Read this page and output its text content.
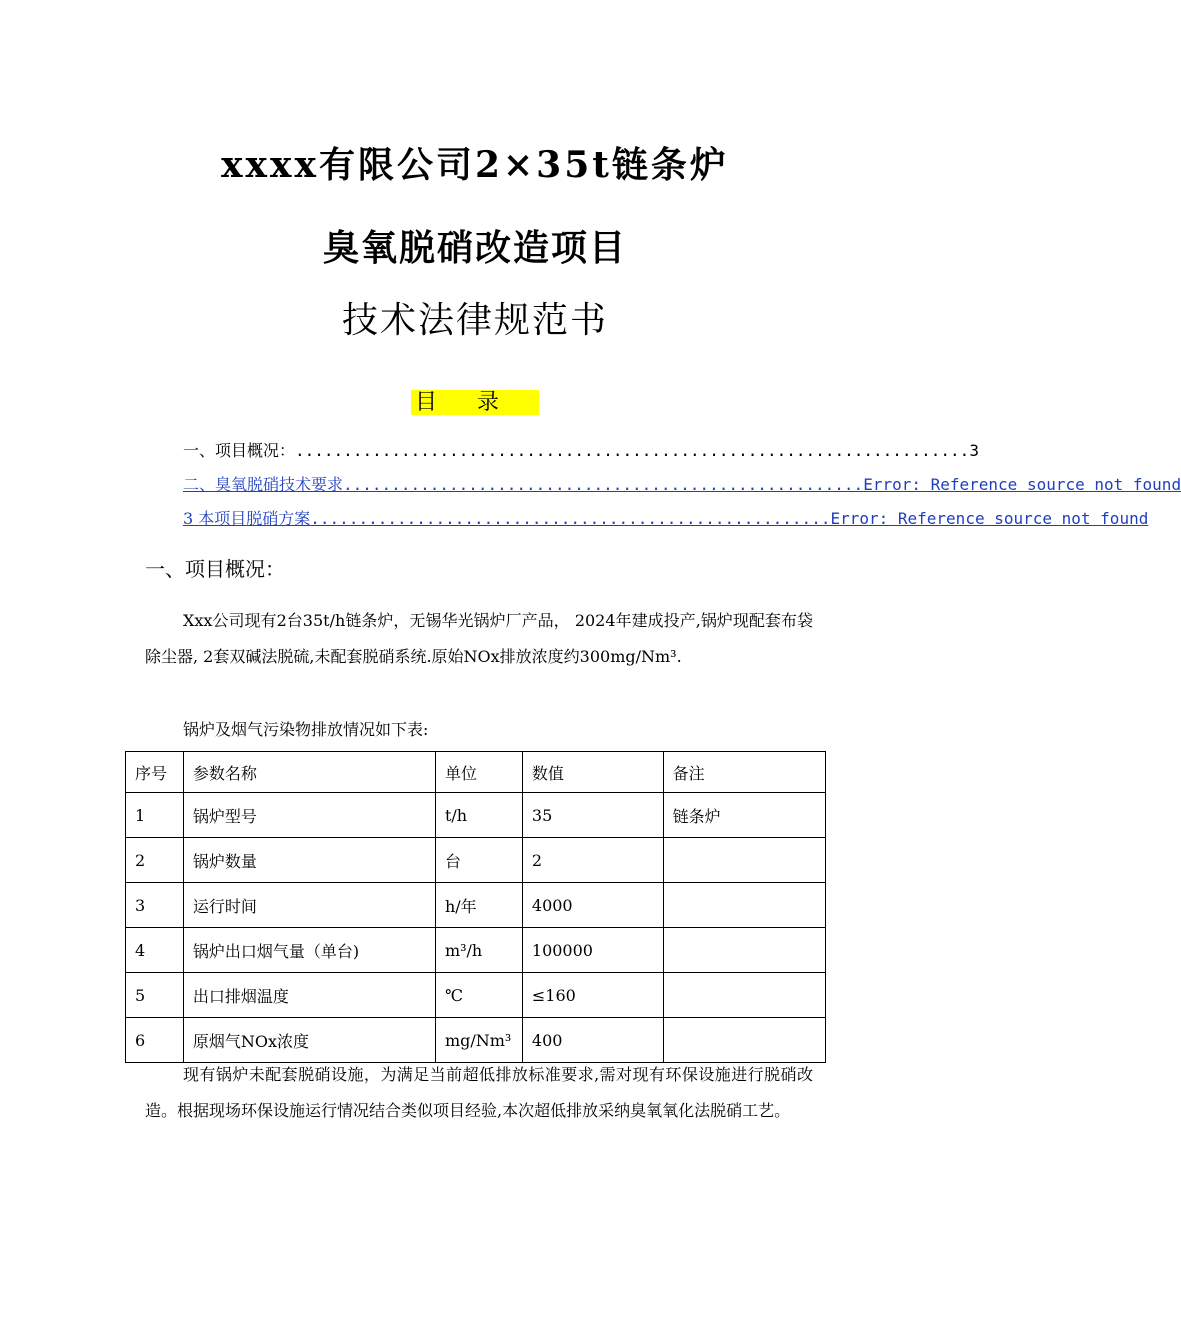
xxxx有限公司2×35t链条炉
臭氧脱硝改造项目
技术法律规范书
目录
一、项目概况： ...................................................................... 3
二、臭氧脱硝技术要求 ...................................................... Error: Reference source not found
3 本项目脱硝方案 ...................................................... Error: Reference source not found
一、项目概况：
Xxx公司现有2台35t/h链条炉，无锡华光锅炉厂产品， 2024年建成投产,锅炉现配套布袋除尘器, 2套双碱法脱硫,未配套脱硝系统.原始NOx排放浓度约300mg/Nm³.
锅炉及烟气污染物排放情况如下表:
序号	参数名称	单位	数值	备注
1	锅炉型号	t/h	35	链条炉
2	锅炉数量	台	2	
3	运行时间	h/年	4000	
4	锅炉出口烟气量（单台)	m³/h	100000	
5	出口排烟温度	℃	≤160	
6	原烟气NOx浓度	mg/Nm³	400	
现有锅炉未配套脱硝设施，为满足当前超低排放标准要求,需对现有环保设施进行脱硝改造。根据现场环保设施运行情况结合类似项目经验,本次超低排放采纳臭氧氧化法脱硝工艺。
